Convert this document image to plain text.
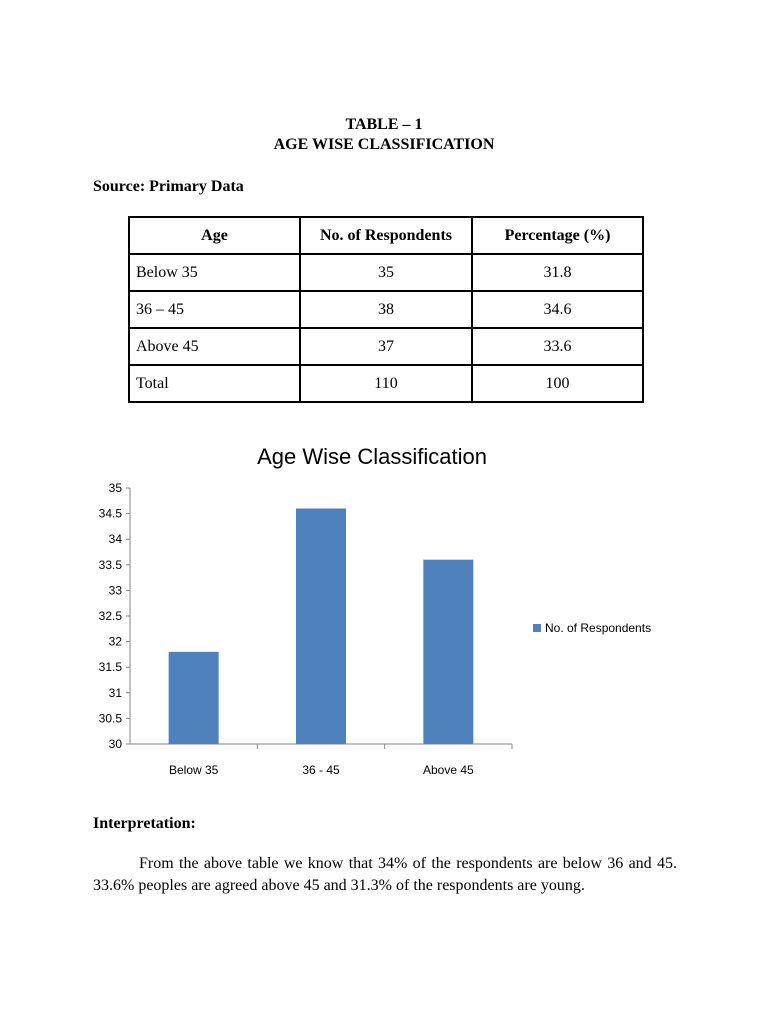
TABLE – 1
AGE WISE CLASSIFICATION
Source: Primary Data
Age	No. of Respondents	Percentage (%)
Below 35	35	31.8
36 – 45	38	34.6
Above 45	37	33.6
Total	110	100
Age Wise Classification
30
30.5
31
31.5
32
32.5
33
33.5
34
34.5
35
Below 35	36 - 45	Above 45
No. of Respondents
Interpretation:

From the above table we know that 34% of the respondents are below 36 and 45. 33.6% peoples are agreed above 45 and 31.3% of the respondents are young.
